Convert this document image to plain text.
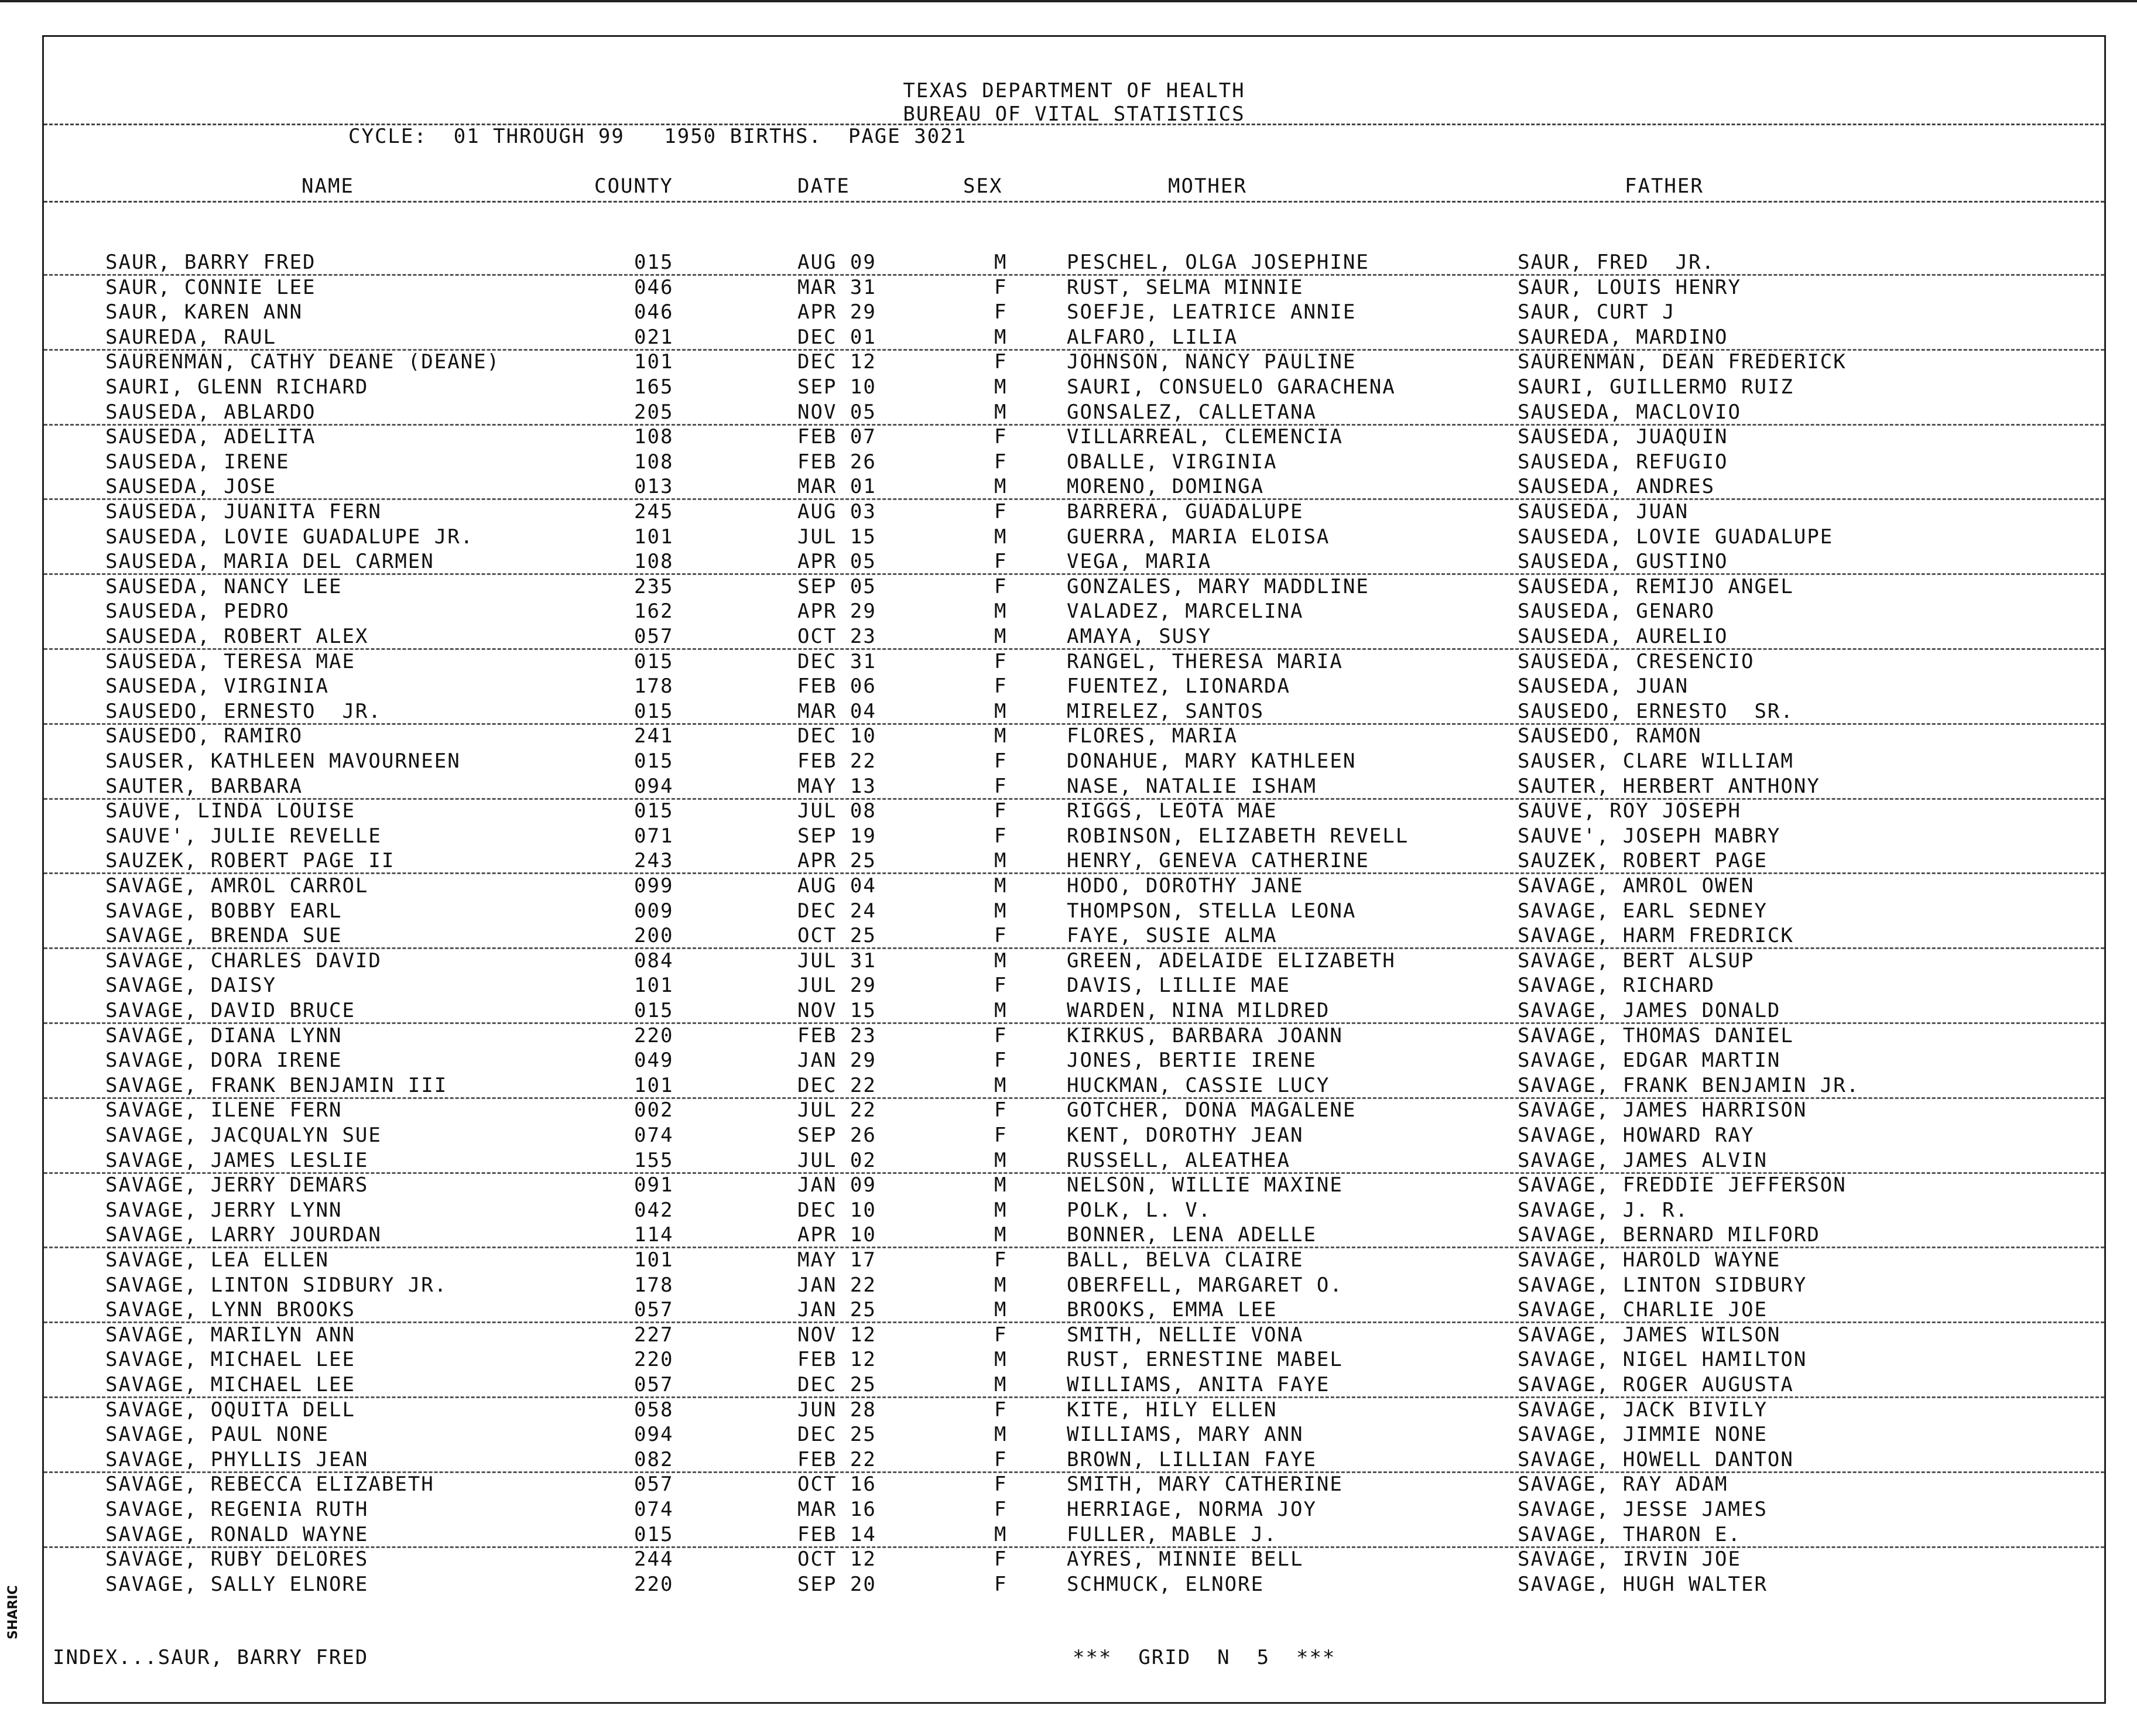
TEXAS DEPARTMENT OF HEALTH
BUREAU OF VITAL STATISTICS
CYCLE:  01 THROUGH 99   1950 BIRTHS.  PAGE 3021
NAME	COUNTY	DATE	SEX	MOTHER	FATHER
SAUR, BARRY FRED	015	AUG 09	M	PESCHEL, OLGA JOSEPHINE	SAUR, FRED  JR.
SAUR, CONNIE LEE	046	MAR 31	F	RUST, SELMA MINNIE	SAUR, LOUIS HENRY
SAUR, KAREN ANN	046	APR 29	F	SOEFJE, LEATRICE ANNIE	SAUR, CURT J
SAUREDA, RAUL	021	DEC 01	M	ALFARO, LILIA	SAUREDA, MARDINO
SAURENMAN, CATHY DEANE (DEANE)	101	DEC 12	F	JOHNSON, NANCY PAULINE	SAURENMAN, DEAN FREDERICK
SAURI, GLENN RICHARD	165	SEP 10	M	SAURI, CONSUELO GARACHENA	SAURI, GUILLERMO RUIZ
SAUSEDA, ABLARDO	205	NOV 05	M	GONSALEZ, CALLETANA	SAUSEDA, MACLOVIO
SAUSEDA, ADELITA	108	FEB 07	F	VILLARREAL, CLEMENCIA	SAUSEDA, JUAQUIN
SAUSEDA, IRENE	108	FEB 26	F	OBALLE, VIRGINIA	SAUSEDA, REFUGIO
SAUSEDA, JOSE	013	MAR 01	M	MORENO, DOMINGA	SAUSEDA, ANDRES
SAUSEDA, JUANITA FERN	245	AUG 03	F	BARRERA, GUADALUPE	SAUSEDA, JUAN
SAUSEDA, LOVIE GUADALUPE JR.	101	JUL 15	M	GUERRA, MARIA ELOISA	SAUSEDA, LOVIE GUADALUPE
SAUSEDA, MARIA DEL CARMEN	108	APR 05	F	VEGA, MARIA	SAUSEDA, GUSTINO
SAUSEDA, NANCY LEE	235	SEP 05	F	GONZALES, MARY MADDLINE	SAUSEDA, REMIJO ANGEL
SAUSEDA, PEDRO	162	APR 29	M	VALADEZ, MARCELINA	SAUSEDA, GENARO
SAUSEDA, ROBERT ALEX	057	OCT 23	M	AMAYA, SUSY	SAUSEDA, AURELIO
SAUSEDA, TERESA MAE	015	DEC 31	F	RANGEL, THERESA MARIA	SAUSEDA, CRESENCIO
SAUSEDA, VIRGINIA	178	FEB 06	F	FUENTEZ, LIONARDA	SAUSEDA, JUAN
SAUSEDO, ERNESTO  JR.	015	MAR 04	M	MIRELEZ, SANTOS	SAUSEDO, ERNESTO  SR.
SAUSEDO, RAMIRO	241	DEC 10	M	FLORES, MARIA	SAUSEDO, RAMON
SAUSER, KATHLEEN MAVOURNEEN	015	FEB 22	F	DONAHUE, MARY KATHLEEN	SAUSER, CLARE WILLIAM
SAUTER, BARBARA	094	MAY 13	F	NASE, NATALIE ISHAM	SAUTER, HERBERT ANTHONY
SAUVE, LINDA LOUISE	015	JUL 08	F	RIGGS, LEOTA MAE	SAUVE, ROY JOSEPH
SAUVE', JULIE REVELLE	071	SEP 19	F	ROBINSON, ELIZABETH REVELL	SAUVE', JOSEPH MABRY
SAUZEK, ROBERT PAGE II	243	APR 25	M	HENRY, GENEVA CATHERINE	SAUZEK, ROBERT PAGE
SAVAGE, AMROL CARROL	099	AUG 04	M	HODO, DOROTHY JANE	SAVAGE, AMROL OWEN
SAVAGE, BOBBY EARL	009	DEC 24	M	THOMPSON, STELLA LEONA	SAVAGE, EARL SEDNEY
SAVAGE, BRENDA SUE	200	OCT 25	F	FAYE, SUSIE ALMA	SAVAGE, HARM FREDRICK
SAVAGE, CHARLES DAVID	084	JUL 31	M	GREEN, ADELAIDE ELIZABETH	SAVAGE, BERT ALSUP
SAVAGE, DAISY	101	JUL 29	F	DAVIS, LILLIE MAE	SAVAGE, RICHARD
SAVAGE, DAVID BRUCE	015	NOV 15	M	WARDEN, NINA MILDRED	SAVAGE, JAMES DONALD
SAVAGE, DIANA LYNN	220	FEB 23	F	KIRKUS, BARBARA JOANN	SAVAGE, THOMAS DANIEL
SAVAGE, DORA IRENE	049	JAN 29	F	JONES, BERTIE IRENE	SAVAGE, EDGAR MARTIN
SAVAGE, FRANK BENJAMIN III	101	DEC 22	M	HUCKMAN, CASSIE LUCY	SAVAGE, FRANK BENJAMIN JR.
SAVAGE, ILENE FERN	002	JUL 22	F	GOTCHER, DONA MAGALENE	SAVAGE, JAMES HARRISON
SAVAGE, JACQUALYN SUE	074	SEP 26	F	KENT, DOROTHY JEAN	SAVAGE, HOWARD RAY
SAVAGE, JAMES LESLIE	155	JUL 02	M	RUSSELL, ALEATHEA	SAVAGE, JAMES ALVIN
SAVAGE, JERRY DEMARS	091	JAN 09	M	NELSON, WILLIE MAXINE	SAVAGE, FREDDIE JEFFERSON
SAVAGE, JERRY LYNN	042	DEC 10	M	POLK, L. V.	SAVAGE, J. R.
SAVAGE, LARRY JOURDAN	114	APR 10	M	BONNER, LENA ADELLE	SAVAGE, BERNARD MILFORD
SAVAGE, LEA ELLEN	101	MAY 17	F	BALL, BELVA CLAIRE	SAVAGE, HAROLD WAYNE
SAVAGE, LINTON SIDBURY JR.	178	JAN 22	M	OBERFELL, MARGARET O.	SAVAGE, LINTON SIDBURY
SAVAGE, LYNN BROOKS	057	JAN 25	M	BROOKS, EMMA LEE	SAVAGE, CHARLIE JOE
SAVAGE, MARILYN ANN	227	NOV 12	F	SMITH, NELLIE VONA	SAVAGE, JAMES WILSON
SAVAGE, MICHAEL LEE	220	FEB 12	M	RUST, ERNESTINE MABEL	SAVAGE, NIGEL HAMILTON
SAVAGE, MICHAEL LEE	057	DEC 25	M	WILLIAMS, ANITA FAYE	SAVAGE, ROGER AUGUSTA
SAVAGE, OQUITA DELL	058	JUN 28	F	KITE, HILY ELLEN	SAVAGE, JACK BIVILY
SAVAGE, PAUL NONE	094	DEC 25	M	WILLIAMS, MARY ANN	SAVAGE, JIMMIE NONE
SAVAGE, PHYLLIS JEAN	082	FEB 22	F	BROWN, LILLIAN FAYE	SAVAGE, HOWELL DANTON
SAVAGE, REBECCA ELIZABETH	057	OCT 16	F	SMITH, MARY CATHERINE	SAVAGE, RAY ADAM
SAVAGE, REGENIA RUTH	074	MAR 16	F	HERRIAGE, NORMA JOY	SAVAGE, JESSE JAMES
SAVAGE, RONALD WAYNE	015	FEB 14	M	FULLER, MABLE J.	SAVAGE, THARON E.
SAVAGE, RUBY DELORES	244	OCT 12	F	AYRES, MINNIE BELL	SAVAGE, IRVIN JOE
SAVAGE, SALLY ELNORE	220	SEP 20	F	SCHMUCK, ELNORE	SAVAGE, HUGH WALTER
INDEX...SAUR, BARRY FRED	***  GRID  N  5  ***
SHARIC
